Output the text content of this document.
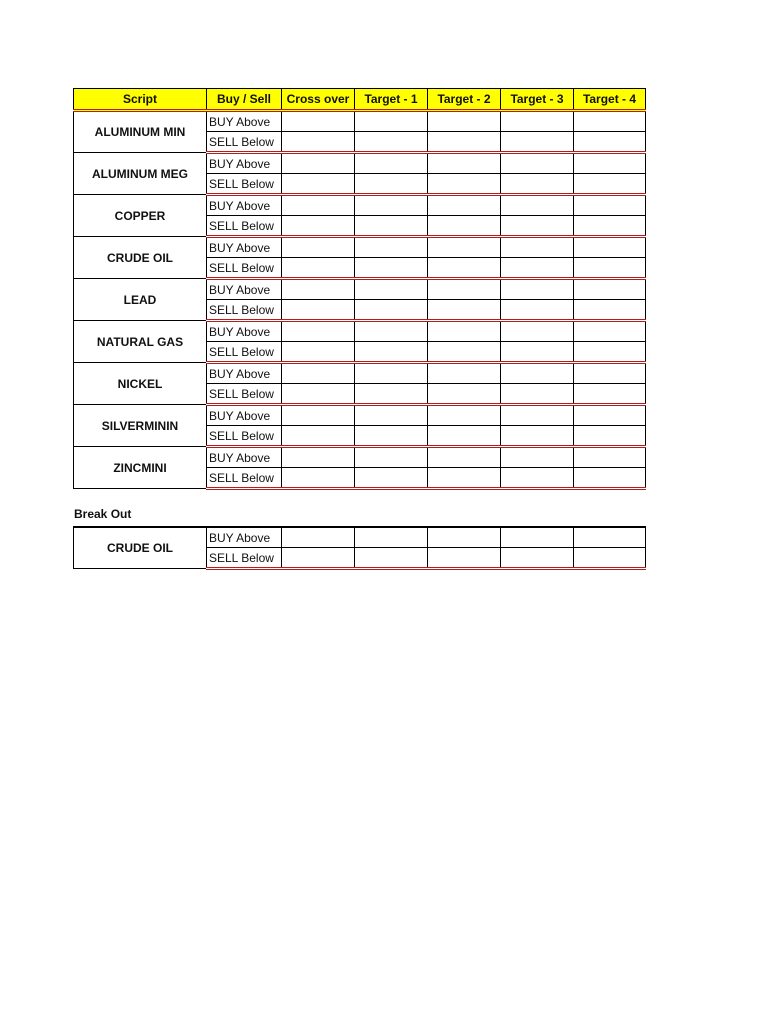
Script	Buy / Sell	Cross over	Target - 1	Target - 2	Target - 3	Target - 4
ALUMINUM MIN	BUY Above					
	SELL Below					
ALUMINUM MEG	BUY Above					
	SELL Below					
COPPER	BUY Above					
	SELL Below					
CRUDE OIL	BUY Above					
	SELL Below					
LEAD	BUY Above					
	SELL Below					
NATURAL GAS	BUY Above					
	SELL Below					
NICKEL	BUY Above					
	SELL Below					
SILVERMININ	BUY Above					
	SELL Below					
ZINCMINI	BUY Above					
	SELL Below					
Break Out
CRUDE OIL	BUY Above					
	SELL Below					
